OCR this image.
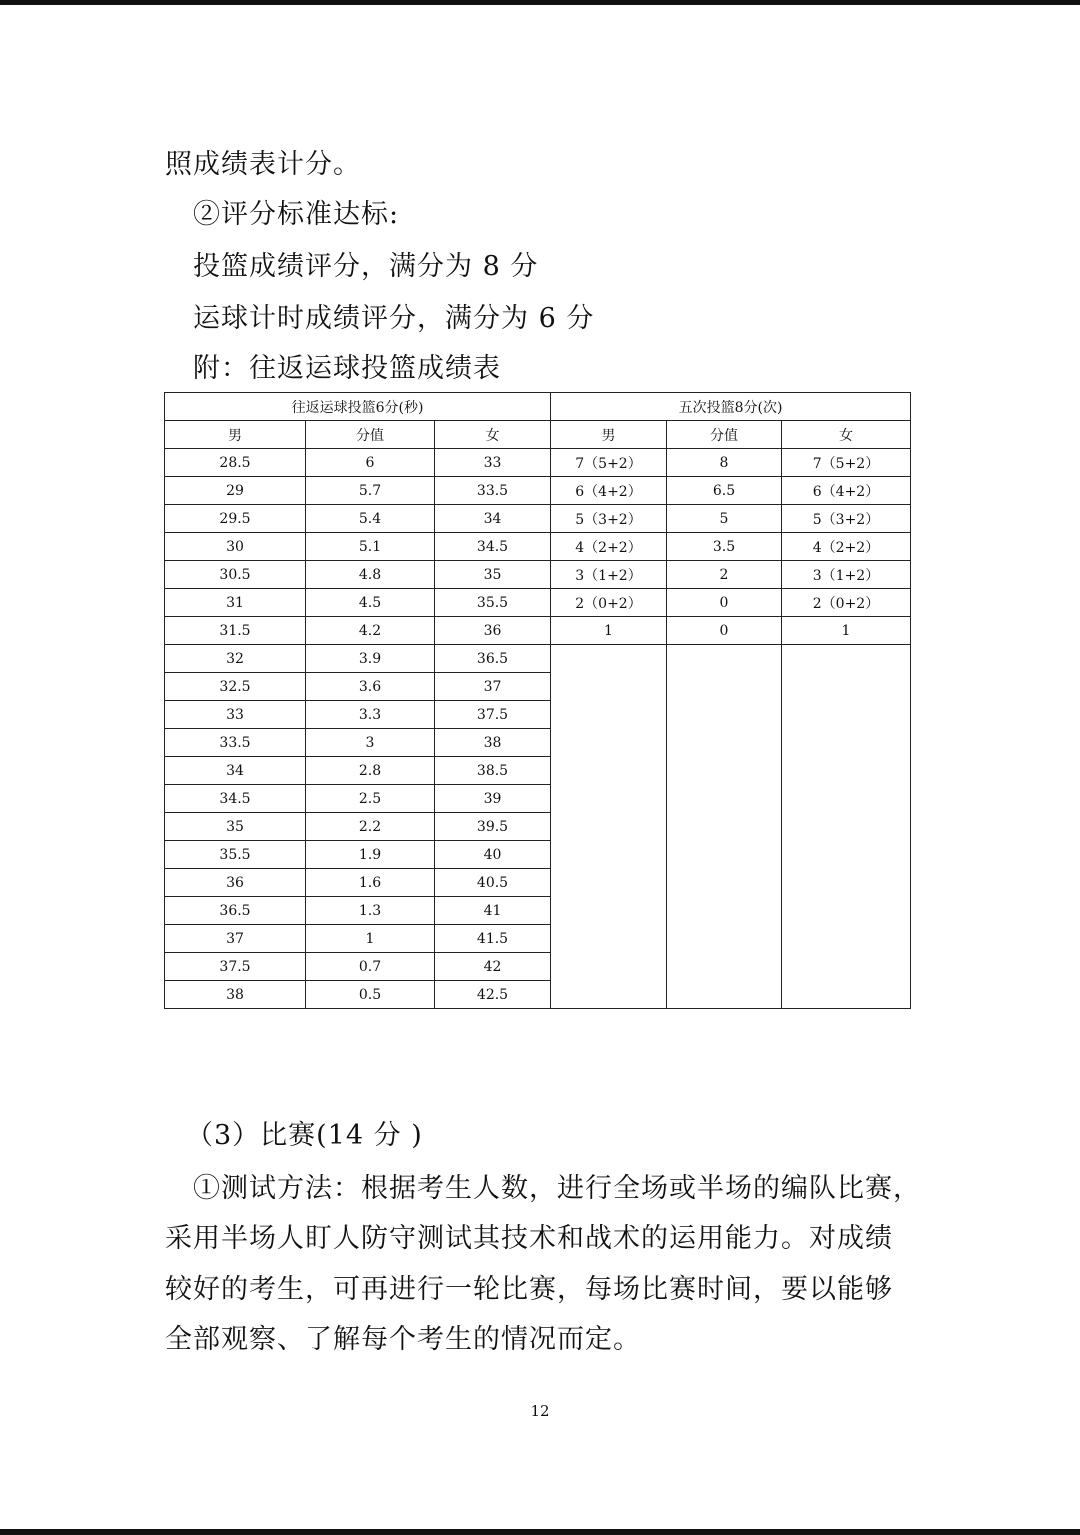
照成绩表计分。
②评分标准达标:
投篮成绩评分，满分为 8 分
运球计时成绩评分，满分为 6 分
附：往返运球投篮成绩表
往返运球投篮6分(秒)			五次投篮8分(次)		
男	分值	女	男	分值	女
28.5	6	33	7（5+2）	8	7（5+2）
29	5.7	33.5	6（4+2）	6.5	6（4+2）
29.5	5.4	34	5（3+2）	5	5（3+2）
30	5.1	34.5	4（2+2）	3.5	4（2+2）
30.5	4.8	35	3（1+2）	2	3（1+2）
31	4.5	35.5	2（0+2）	0	2（0+2）
31.5	4.2	36	1	0	1
32	3.9	36.5			
32.5	3.6	37			
33	3.3	37.5			
33.5	3	38			
34	2.8	38.5			
34.5	2.5	39			
35	2.2	39.5			
35.5	1.9	40			
36	1.6	40.5			
36.5	1.3	41			
37	1	41.5			
37.5	0.7	42			
38	0.5	42.5			
（3）比赛(14 分 )
①测试方法：根据考生人数，进行全场或半场的编队比赛，
采用半场人盯人防守测试其技术和战术的运用能力。对成绩
较好的考生，可再进行一轮比赛，每场比赛时间，要以能够
全部观察、了解每个考生的情况而定。
12
